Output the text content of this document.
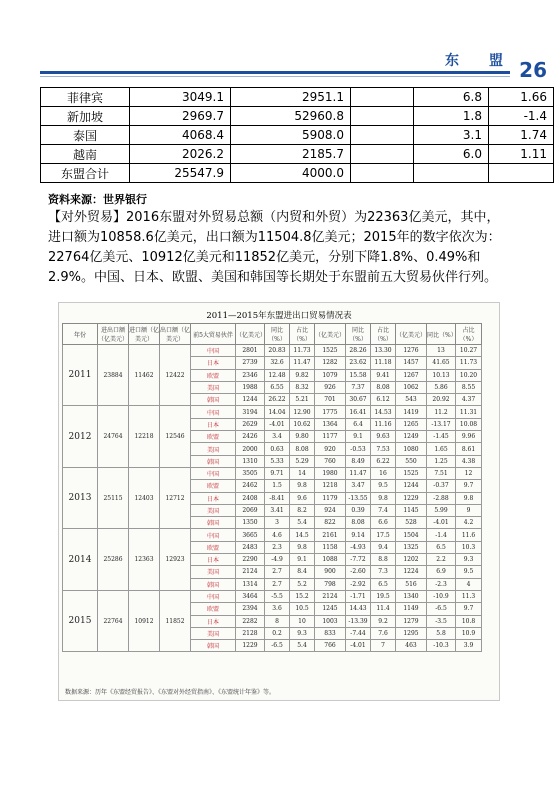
东　盟 26
菲律宾	3049.1	2951.1		6.8	1.66
新加坡	2969.7	52960.8		1.8	-1.4
泰国	4068.4	5908.0		3.1	1.74
越南	2026.2	2185.7		6.0	1.11
东盟合计	25547.9	4000.0			
资料来源：世界银行
【对外贸易】2016东盟对外贸易总额（内贸和外贸）为22363亿美元，其中，进口额为10858.6亿美元，出口额为11504.8亿美元；2015年的数字依次为：22764亿美元、10912亿美元和11852亿美元，分别下降1.8%、0.49%和2.9%。中国、日本、欧盟、美国和韩国等长期处于东盟前五大贸易伙伴行列。
2011—2015年东盟进出口贸易情况表
年份	进出口额（亿美元）	进口额（亿美元）	出口额（亿美元）	前5大贸易伙伴	（亿美元）	同比（%）	占比（%）	（亿美元）	同比（%）	占比（%）	（亿美元）	同比（%）	占比（%）
2011	23884	11462	12422	中国	2801	20.83	11.73	1525	28.26	13.30	1276	13	10.27
				日本	2739	32.6	11.47	1282	23.62	11.18	1457	41.65	11.73
				欧盟	2346	12.48	9.82	1079	15.58	9.41	1267	10.13	10.20
				美国	1988	6.55	8.32	926	7.37	8.08	1062	5.86	8.55
				韩国	1244	26.22	5.21	701	30.67	6.12	543	20.92	4.37
2012	24764	12218	12546	中国	3194	14.04	12.90	1775	16.41	14.53	1419	11.2	11.31
				日本	2629	-4.01	10.62	1364	6.4	11.16	1265	-13.17	10.08
				欧盟	2426	3.4	9.80	1177	9.1	9.63	1249	-1.45	9.96
				美国	2000	0.63	8.08	920	-0.53	7.53	1080	1.65	8.61
				韩国	1310	5.33	5.29	760	8.49	6.22	550	1.25	4.38
2013	25115	12403	12712	中国	3505	9.71	14	1980	11.47	16	1525	7.51	12
				欧盟	2462	1.5	9.8	1218	3.47	9.5	1244	-0.37	9.7
				日本	2408	-8.41	9.6	1179	-13.55	9.8	1229	-2.88	9.8
				美国	2069	3.41	8.2	924	0.39	7.4	1145	5.99	9
				韩国	1350	3	5.4	822	8.08	6.6	528	-4.01	4.2
2014	25286	12363	12923	中国	3665	4.6	14.5	2161	9.14	17.5	1504	-1.4	11.6
				欧盟	2483	2.3	9.8	1158	-4.93	9.4	1325	6.5	10.3
				日本	2290	-4.9	9.1	1088	-7.72	8.8	1202	2.2	9.3
				美国	2124	2.7	8.4	900	-2.60	7.3	1224	6.9	9.5
				韩国	1314	2.7	5.2	798	-2.92	6.5	516	-2.3	4
2015	22764	10912	11852	中国	3464	-5.5	15.2	2124	-1.71	19.5	1340	-10.9	11.3
				欧盟	2394	3.6	10.5	1245	14.43	11.4	1149	-6.5	9.7
				日本	2282	8	10	1003	-13.39	9.2	1279	-3.5	10.8
				美国	2128	0.2	9.3	833	-7.44	7.6	1295	5.8	10.9
				韩国	1229	-6.5	5.4	766	-4.01	7	463	-10.3	3.9
数据来源：历年《东盟经贸报告》、《东盟对外经贸指南》、《东盟统计年鉴》等。
